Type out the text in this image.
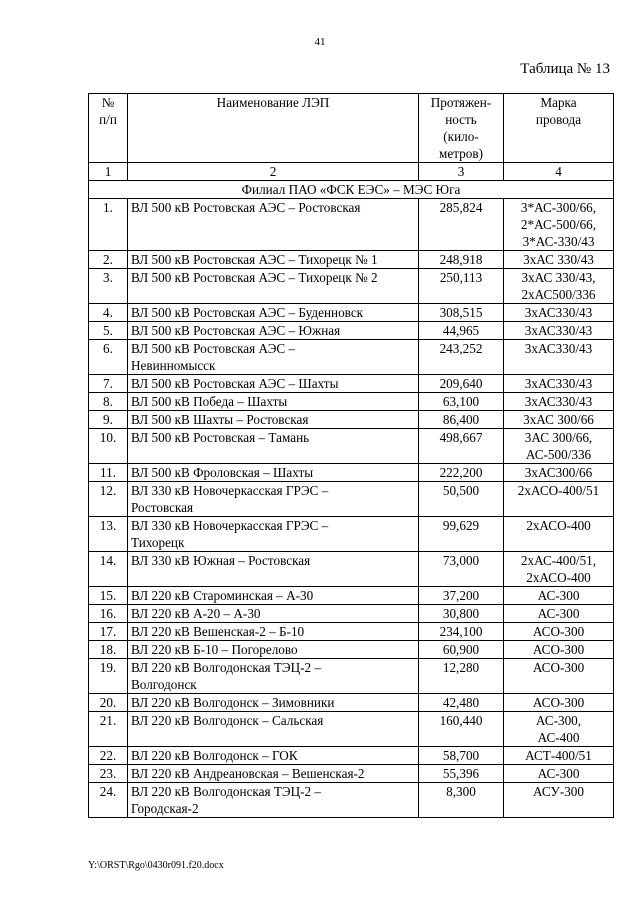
41
Таблица № 13
№
п/п	Наименование ЛЭП	Протяжен-
ность
(кило-
метров)	Марка
провода
1	2	3	4
Филиал ПАО «ФСК ЕЭС» – МЭС Юга			
1.	ВЛ 500 кВ Ростовская АЭС – Ростовская	285,824	3*АС-300/66,
2*АС-500/66,
3*АС-330/43
2.	ВЛ 500 кВ Ростовская АЭС – Тихорецк № 1	248,918	3хАС 330/43
3.	ВЛ 500 кВ Ростовская АЭС – Тихорецк № 2	250,113	3хАС 330/43,
2хАС500/336
4.	ВЛ 500 кВ Ростовская АЭС – Буденновск	308,515	3хАС330/43
5.	ВЛ 500 кВ Ростовская АЭС – Южная	44,965	3хАС330/43
6.	ВЛ 500 кВ Ростовская АЭС –
Невинномысск	243,252	3хАС330/43
7.	ВЛ 500 кВ Ростовская АЭС – Шахты	209,640	3хАС330/43
8.	ВЛ 500 кВ Победа – Шахты	63,100	3хАС330/43
9.	ВЛ 500 кВ Шахты – Ростовская	86,400	3хАС 300/66
10.	ВЛ 500 кВ Ростовская – Тамань	498,667	3АС 300/66,
АС-500/336
11.	ВЛ 500 кВ Фроловская – Шахты	222,200	3хАС300/66
12.	ВЛ 330 кВ Новочеркасская ГРЭС –
Ростовская	50,500	2хАСО-400/51
13.	ВЛ 330 кВ Новочеркасская ГРЭС –
Тихорецк	99,629	2хАСО-400
14.	ВЛ 330 кВ Южная – Ростовская	73,000	2хАС-400/51,
2хАСО-400
15.	ВЛ 220 кВ Староминская – А-30	37,200	АС-300
16.	ВЛ 220 кВ А-20 – А-30	30,800	АС-300
17.	ВЛ 220 кВ Вешенская-2 – Б-10	234,100	АСО-300
18.	ВЛ 220 кВ Б-10 – Погорелово	60,900	АСО-300
19.	ВЛ 220 кВ Волгодонская ТЭЦ-2 –
Волгодонск	12,280	АСО-300
20.	ВЛ 220 кВ Волгодонск – Зимовники	42,480	АСО-300
21.	ВЛ 220 кВ Волгодонск – Сальская	160,440	АС-300,
АС-400
22.	ВЛ 220 кВ Волгодонск – ГОК	58,700	АСТ-400/51
23.	ВЛ 220 кВ Андреановская – Вешенская-2	55,396	АС-300
24.	ВЛ 220 кВ Волгодонская ТЭЦ-2 –
Городская-2	8,300	АСУ-300
Y:\ORST\Rgo\0430r091.f20.docx
